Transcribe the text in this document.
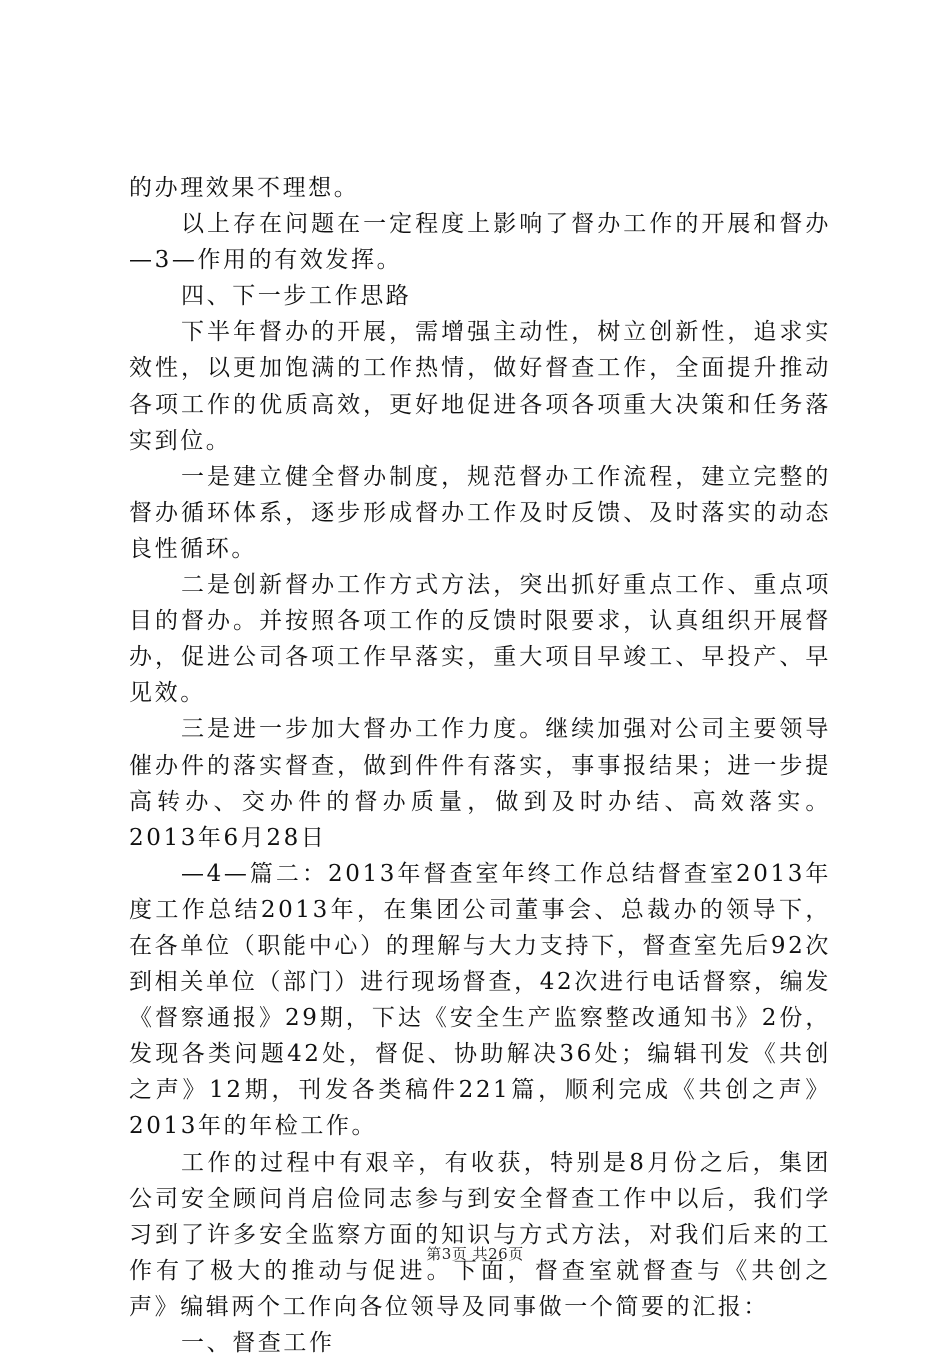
的办理效果不理想。

以上存在问题在一定程度上影响了督办工作的开展和督办—3—作用的有效发挥。

四、下一步工作思路

下半年督办的开展，需增强主动性，树立创新性，追求实效性，以更加饱满的工作热情，做好督查工作，全面提升推动各项工作的优质高效，更好地促进各项各项重大决策和任务落实到位。

一是建立健全督办制度，规范督办工作流程，建立完整的督办循环体系，逐步形成督办工作及时反馈、及时落实的动态良性循环。

二是创新督办工作方式方法，突出抓好重点工作、重点项目的督办。并按照各项工作的反馈时限要求，认真组织开展督办，促进公司各项工作早落实，重大项目早竣工、早投产、早见效。

三是进一步加大督办工作力度。继续加强对公司主要领导催办件的落实督查，做到件件有落实，事事报结果；进一步提高转办、交办件的督办质量，做到及时办结、高效落实。2013年6月28日

—4—篇二：2013年督查室年终工作总结督查室2013年度工作总结2013年，在集团公司董事会、总裁办的领导下，在各单位（职能中心）的理解与大力支持下，督查室先后92次到相关单位（部门）进行现场督查，42次进行电话督察，编发《督察通报》29期，下达《安全生产监察整改通知书》2份，发现各类问题42处，督促、协助解决36处；编辑刊发《共创之声》12期，刊发各类稿件221篇，顺利完成《共创之声》2013年的年检工作。

工作的过程中有艰辛，有收获，特别是8月份之后，集团公司安全顾问肖启俭同志参与到安全督查工作中以后，我们学习到了许多安全监察方面的知识与方式方法，对我们后来的工作有了极大的推动与促进。下面，督查室就督查与《共创之声》编辑两个工作向各位领导及同事做一个简要的汇报：

一、督查工作

第3页 共26页
